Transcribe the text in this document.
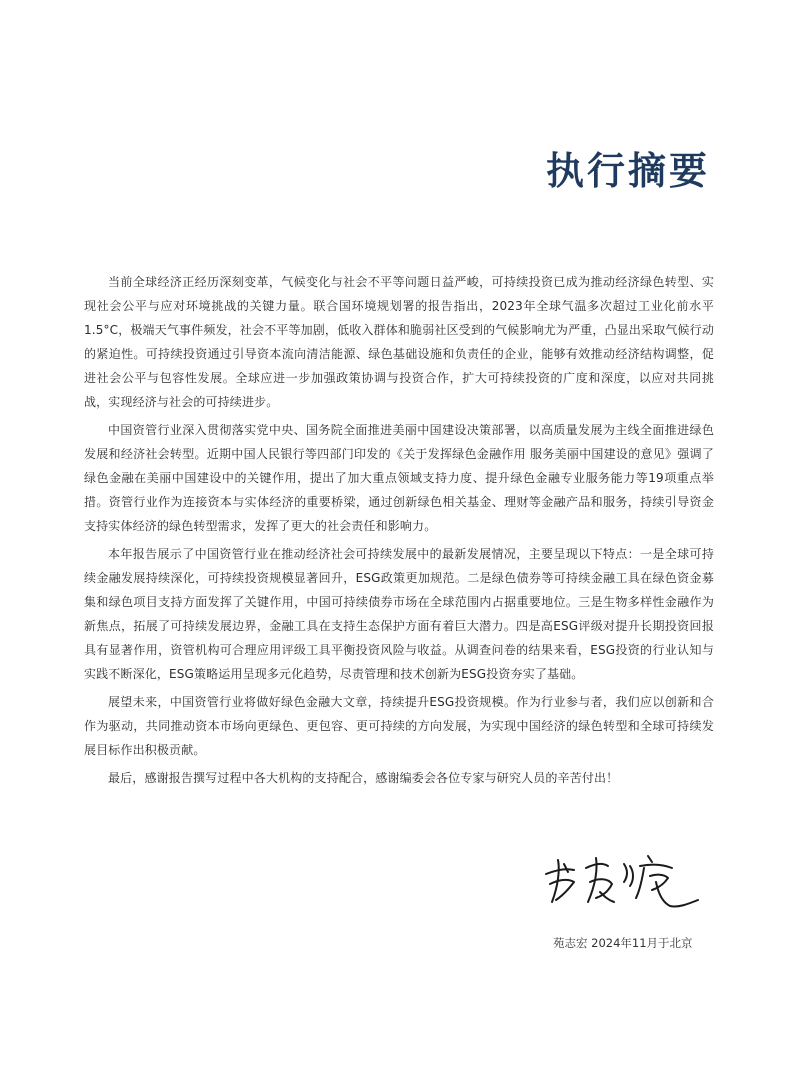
执行摘要

当前全球经济正经历深刻变革，气候变化与社会不平等问题日益严峻，可持续投资已成为推动经济绿色转型、实现社会公平与应对环境挑战的关键力量。联合国环境规划署的报告指出，2023年全球气温多次超过工业化前水平1.5°C，极端天气事件频发，社会不平等加剧，低收入群体和脆弱社区受到的气候影响尤为严重，凸显出采取气候行动的紧迫性。可持续投资通过引导资本流向清洁能源、绿色基础设施和负责任的企业，能够有效推动经济结构调整，促进社会公平与包容性发展。全球应进一步加强政策协调与投资合作，扩大可持续投资的广度和深度，以应对共同挑战，实现经济与社会的可持续进步。

中国资管行业深入贯彻落实党中央、国务院全面推进美丽中国建设决策部署，以高质量发展为主线全面推进绿色发展和经济社会转型。近期中国人民银行等四部门印发的《关于发挥绿色金融作用 服务美丽中国建设的意见》强调了绿色金融在美丽中国建设中的关键作用，提出了加大重点领域支持力度、提升绿色金融专业服务能力等19项重点举措。资管行业作为连接资本与实体经济的重要桥梁，通过创新绿色相关基金、理财等金融产品和服务，持续引导资金支持实体经济的绿色转型需求，发挥了更大的社会责任和影响力。

本年报告展示了中国资管行业在推动经济社会可持续发展中的最新发展情况，主要呈现以下特点：一是全球可持续金融发展持续深化，可持续投资规模显著回升，ESG政策更加规范。二是绿色债券等可持续金融工具在绿色资金募集和绿色项目支持方面发挥了关键作用，中国可持续债券市场在全球范围内占据重要地位。三是生物多样性金融作为新焦点，拓展了可持续发展边界，金融工具在支持生态保护方面有着巨大潜力。四是高ESG评级对提升长期投资回报具有显著作用，资管机构可合理应用评级工具平衡投资风险与收益。从调查问卷的结果来看，ESG投资的行业认知与实践不断深化，ESG策略运用呈现多元化趋势，尽责管理和技术创新为ESG投资夯实了基础。

展望未来，中国资管行业将做好绿色金融大文章，持续提升ESG投资规模。作为行业参与者，我们应以创新和合作为驱动，共同推动资本市场向更绿色、更包容、更可持续的方向发展，为实现中国经济的绿色转型和全球可持续发展目标作出积极贡献。

最后，感谢报告撰写过程中各大机构的支持配合，感谢编委会各位专家与研究人员的辛苦付出！

苑志宏 2024年11月于北京
